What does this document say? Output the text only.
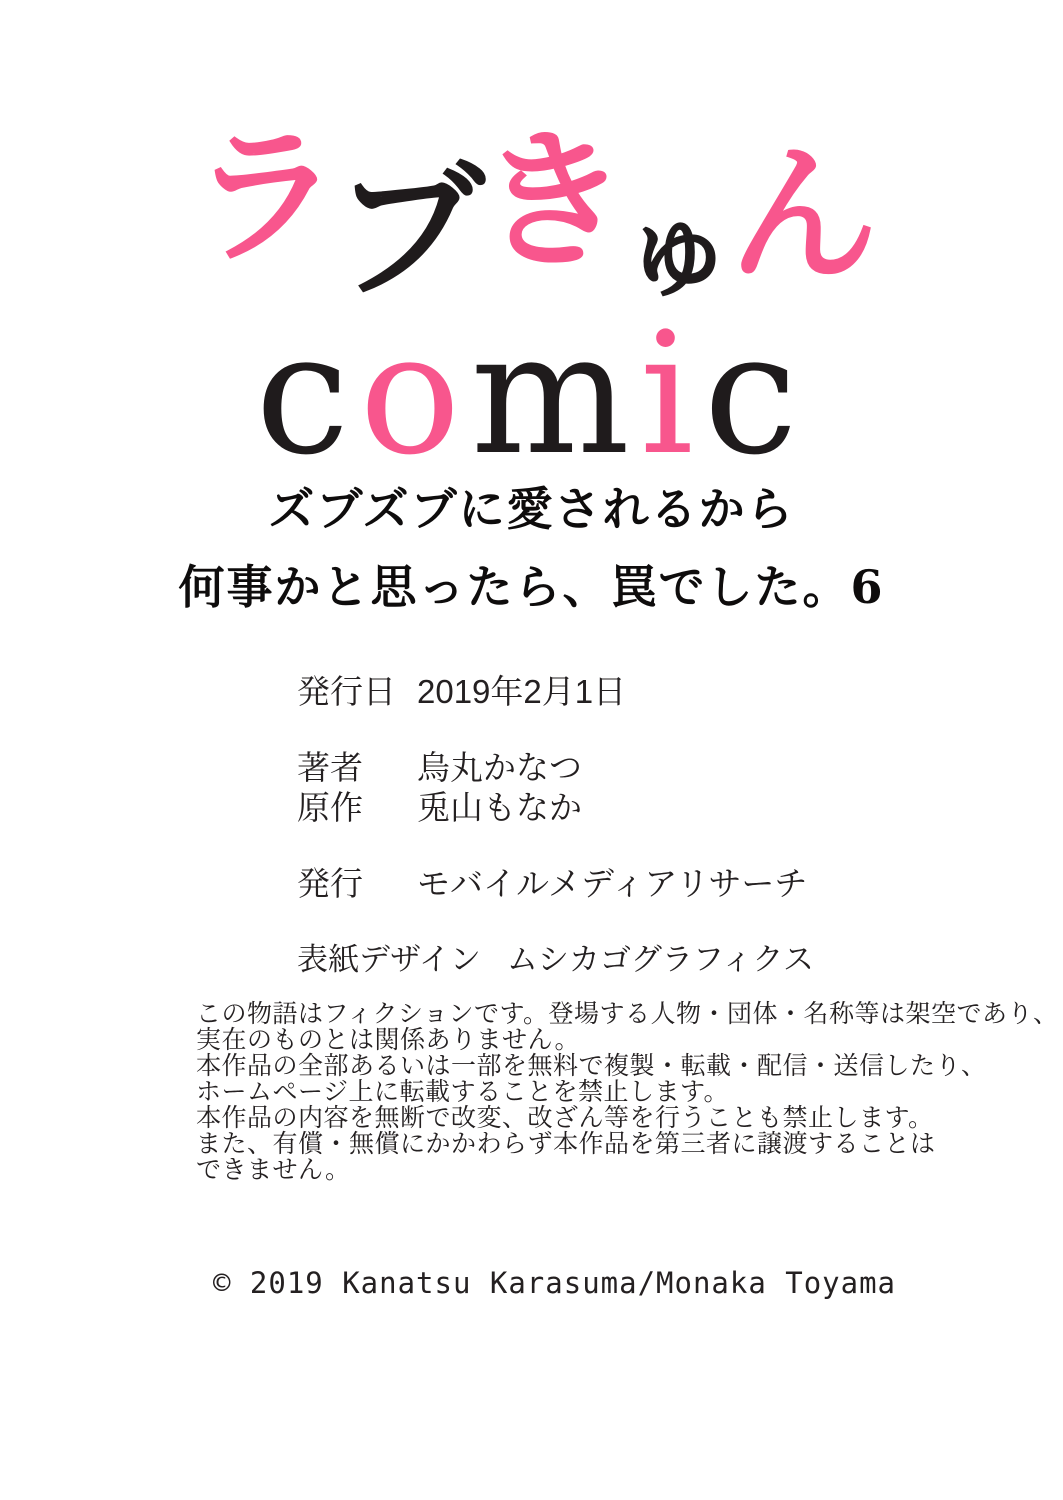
ラ ブ き ゅ ん
comic
ズブズブに愛されるから
何事かと思ったら、罠でした。6
発行日 2019年2月1日
著者	烏丸かなつ
原作	兎山もなか
発行	モバイルメディアリサーチ
表紙デザイン ムシカゴグラフィクス
この物語はフィクションです。登場する人物・団体・名称等は架空であり、
実在のものとは関係ありません。
本作品の全部あるいは一部を無料で複製・転載・配信・送信したり、
ホームページ上に転載することを禁止します。
本作品の内容を無断で改変、改ざん等を行うことも禁止します。
また、有償・無償にかかわらず本作品を第三者に譲渡することは
できません。
© 2019 Kanatsu Karasuma/Monaka Toyama
